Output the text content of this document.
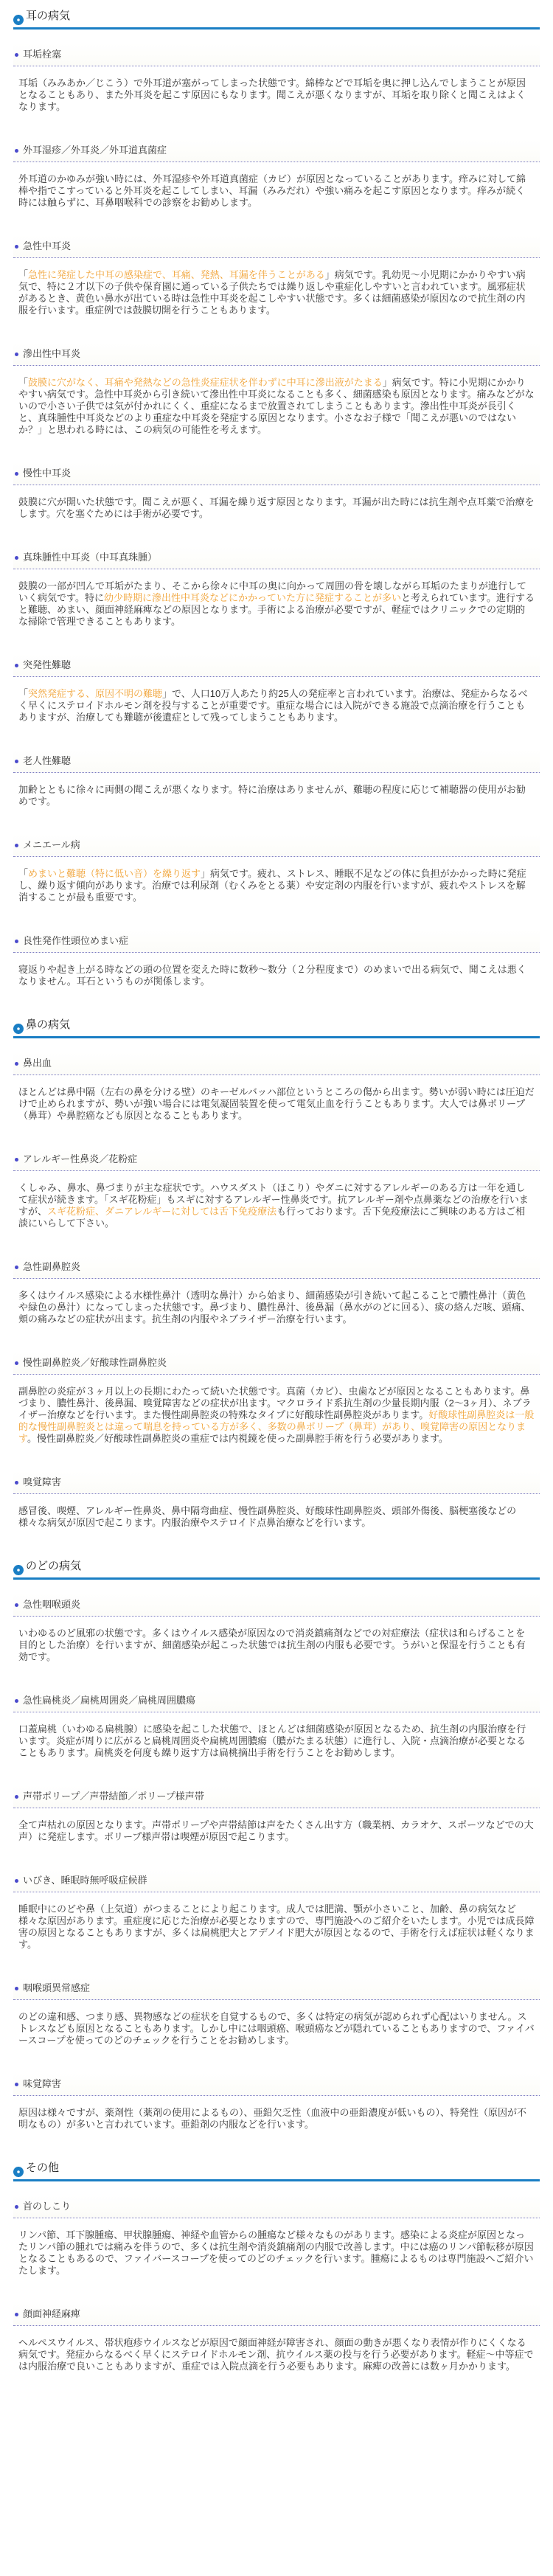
耳の病気
耳垢栓塞
耳垢（みみあか／じこう）で外耳道が塞がってしまった状態です。綿棒などで耳垢を奥に押し込んでしまうことが原因となることもあり、また外耳炎を起こす原因にもなります。聞こえが悪くなりますが、耳垢を取り除くと聞こえはよくなります。
外耳湿疹／外耳炎／外耳道真菌症
外耳道のかゆみが強い時には、外耳湿疹や外耳道真菌症（カビ）が原因となっていることがあります。痒みに対して綿棒や指でこすっていると外耳炎を起こしてしまい、耳漏（みみだれ）や強い痛みを起こす原因となります。痒みが続く時には触らずに、耳鼻咽喉科での診察をお勧めします。
急性中耳炎
「急性に発症した中耳の感染症で、耳痛、発熱、耳漏を伴うことがある」病気です。乳幼児〜小児期にかかりやすい病気で、特に２才以下の子供や保育園に通っている子供たちでは繰り返しや重症化しやすいと言われています。風邪症状があるとき、黄色い鼻水が出ている時は急性中耳炎を起こしやすい状態です。多くは細菌感染が原因なので抗生剤の内服を行います。重症例では鼓膜切開を行うこともあります。
滲出性中耳炎
「鼓膜に穴がなく、耳痛や発熱などの急性炎症症状を伴わずに中耳に滲出液がたまる」病気です。特に小児期にかかりやすい病気です。急性中耳炎から引き続いて滲出性中耳炎になることも多く、細菌感染も原因となります。痛みなどがないので小さい子供では気が付かれにくく、重症になるまで放置されてしまうこともあります。滲出性中耳炎が長引くと、真珠腫性中耳炎などのより重症な中耳炎を発症する原因となります。小さなお子様で「聞こえが悪いのではないか？」と思われる時には、この病気の可能性を考えます。
慢性中耳炎
鼓膜に穴が開いた状態です。聞こえが悪く、耳漏を繰り返す原因となります。耳漏が出た時には抗生剤や点耳薬で治療をします。穴を塞ぐためには手術が必要です。
真珠腫性中耳炎（中耳真珠腫）
鼓膜の一部が凹んで耳垢がたまり、そこから徐々に中耳の奥に向かって周囲の骨を壊しながら耳垢のたまりが進行していく病気です。特に幼少時期に滲出性中耳炎などにかかっていた方に発症することが多いと考えられています。進行すると難聴、めまい、顔面神経麻痺などの原因となります。手術による治療が必要ですが、軽症ではクリニックでの定期的な掃除で管理できることもあります。
突発性難聴
「突然発症する、原因不明の難聴」で、人口10万人あたり約25人の発症率と言われています。治療は、発症からなるべく早くにステロイドホルモン剤を投与することが重要です。重症な場合には入院ができる施設で点滴治療を行うこともありますが、治療しても難聴が後遺症として残ってしまうこともあります。
老人性難聴
加齢とともに徐々に両側の聞こえが悪くなります。特に治療はありませんが、難聴の程度に応じて補聴器の使用がお勧めです。
メニエール病
「めまいと難聴（特に低い音）を繰り返す」病気です。疲れ、ストレス、睡眠不足などの体に負担がかかった時に発症し、繰り返す傾向があります。治療では利尿剤（むくみをとる薬）や安定剤の内服を行いますが、疲れやストレスを解消することが最も重要です。
良性発作性頭位めまい症
寝返りや起き上がる時などの頭の位置を変えた時に数秒〜数分（２分程度まで）のめまいで出る病気で、聞こえは悪くなりません。耳石というものが関係します。
鼻の病気
鼻出血
ほとんどは鼻中隔（左右の鼻を分ける壁）のキーゼルバッハ部位というところの傷から出ます。勢いが弱い時には圧迫だけで止められますが、勢いが強い場合には電気凝固装置を使って電気止血を行うこともあります。大人では鼻ポリープ（鼻茸）や鼻腔癌なども原因となることもあります。
アレルギー性鼻炎／花粉症
くしゃみ、鼻水、鼻づまりが主な症状です。ハウスダスト（ほこり）やダニに対するアレルギーのある方は一年を通して症状が続きます。「スギ花粉症」もスギに対するアレルギー性鼻炎です。抗アレルギー剤や点鼻薬などの治療を行いますが、スギ花粉症、ダニアレルギーに対しては舌下免疫療法も行っております。舌下免疫療法にご興味のある方はご相談にいらして下さい。
急性副鼻腔炎
多くはウイルス感染による水様性鼻汁（透明な鼻汁）から始まり、細菌感染が引き続いて起こることで膿性鼻汁（黄色や緑色の鼻汁）になってしまった状態です。鼻づまり、膿性鼻汁、後鼻漏（鼻水がのどに回る）、痰の絡んだ咳、頭痛、頬の痛みなどの症状が出ます。抗生剤の内服やネブライザー治療を行います。
慢性副鼻腔炎／好酸球性副鼻腔炎
副鼻腔の炎症が３ヶ月以上の長期にわたって続いた状態です。真菌（カビ）、虫歯などが原因となることもあります。鼻づまり、膿性鼻汁、後鼻漏、嗅覚障害などの症状が出ます。マクロライド系抗生剤の少量長期内服（2〜3ヶ月）、ネブライザー治療などを行います。また慢性副鼻腔炎の特殊なタイプに好酸球性副鼻腔炎があります。好酸球性副鼻腔炎は一般的な慢性副鼻腔炎とは違って喘息を持っている方が多く、多数の鼻ポリープ（鼻茸）があり、嗅覚障害の原因となります。慢性副鼻腔炎／好酸球性副鼻腔炎の重症では内視鏡を使った副鼻腔手術を行う必要があります。
嗅覚障害
感冒後、喫煙、アレルギー性鼻炎、鼻中隔弯曲症、慢性副鼻腔炎、好酸球性副鼻腔炎、頭部外傷後、脳梗塞後などの様々な病気が原因で起こります。内服治療やステロイド点鼻治療などを行います。
のどの病気
急性咽喉頭炎
いわゆるのど風邪の状態です。多くはウイルス感染が原因なので消炎鎮痛剤などでの対症療法（症状は和らげることを目的とした治療）を行いますが、細菌感染が起こった状態では抗生剤の内服も必要です。うがいと保湿を行うことも有効です。
急性扁桃炎／扁桃周囲炎／扁桃周囲膿瘍
口蓋扁桃（いわゆる扁桃腺）に感染を起こした状態で、ほとんどは細菌感染が原因となるため、抗生剤の内服治療を行います。炎症が周りに広がると扁桃周囲炎や扁桃周囲膿瘍（膿がたまる状態）に進行し、入院・点滴治療が必要となることもあります。扁桃炎を何度も繰り返す方は扁桃摘出手術を行うことをお勧めします。
声帯ポリープ／声帯結節／ポリープ様声帯
全て声枯れの原因となります。声帯ポリープや声帯結節は声をたくさん出す方（職業柄、カラオケ、スポーツなどでの大声）に発症します。ポリープ様声帯は喫煙が原因で起こります。
いびき、睡眠時無呼吸症候群
睡眠中にのどや鼻（上気道）がつまることにより起こります。成人では肥満、顎が小さいこと、加齢、鼻の病気など様々な原因があります。重症度に応じた治療が必要となりますので、専門施設へのご紹介をいたします。小児では成長障害の原因となることもありますが、多くは扁桃肥大とアデノイド肥大が原因となるので、手術を行えば症状は軽くなります。
咽喉頭異常感症
のどの違和感、つまり感、異物感などの症状を自覚するもので、多くは特定の病気が認められず心配はいりません。ストレスなども原因となることもあります。しかし中には咽頭癌、喉頭癌などが隠れていることもありますので、ファイバースコープを使ってのどのチェックを行うことをお勧めします。
味覚障害
原因は様々ですが、薬剤性（薬剤の使用によるもの）、亜鉛欠乏性（血液中の亜鉛濃度が低いもの）、特発性（原因が不明なもの）が多いと言われています。亜鉛剤の内服などを行います。
その他
首のしこり
リンパ節、耳下腺腫瘍、甲状腺腫瘍、神経や血管からの腫瘍など様々なものがあります。感染による炎症が原因となったリンパ節の腫れでは痛みを伴うので、多くは抗生剤や消炎鎮痛剤の内服で改善します。中には癌のリンパ節転移が原因となることもあるので、ファイバースコープを使ってのどのチェックを行います。腫瘍によるものは専門施設へご紹介いたします。
顔面神経麻痺
ヘルペスウイルス、帯状疱疹ウイルスなどが原因で顔面神経が障害され、顔面の動きが悪くなり表情が作りにくくなる病気です。発症からなるべく早くにステロイドホルモン剤、抗ウイルス薬の投与を行う必要があります。軽症〜中等症では内服治療で良いこともありますが、重症では入院点滴を行う必要もあります。麻痺の改善には数ヶ月かかります。
